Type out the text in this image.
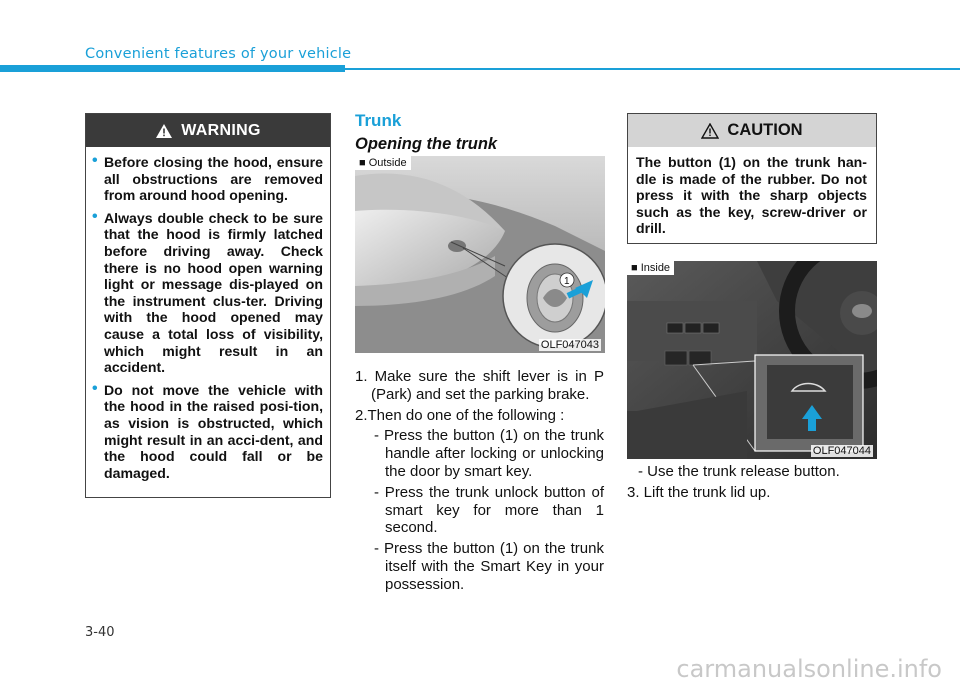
Convenient features of your vehicle
WARNING
• Before closing the hood, ensure all obstructions are removed from around hood opening.
• Always double check to be sure that the hood is firmly latched before driving away. Check there is no hood open warning light or message dis-played on the instrument clus-ter. Driving with the hood opened may cause a total loss of visibility, which might result in an accident.
• Do not move the vehicle with the hood in the raised posi-tion, as vision is obstructed, which might result in an acci-dent, and the hood could fall or be damaged.
Trunk
Opening the trunk
1
■ Outside
OLF047043

1. Make sure the shift lever is in P (Park) and set the parking brake.

2.Then do one of the following :

- Press the button (1) on the trunk handle after locking or unlocking the door by smart key.

- Press the trunk unlock button of smart key for more than 1 second.

- Press the button (1) on the trunk itself with the Smart Key in your possession.

CAUTION
The button (1) on the trunk han-dle is made of the rubber. Do not press it with the sharp objects such as the key, screw-driver or drill.
■ Inside
OLF047044

- Use the trunk release button.

3. Lift the trunk lid up.

3-40
carmanualsonline.info
